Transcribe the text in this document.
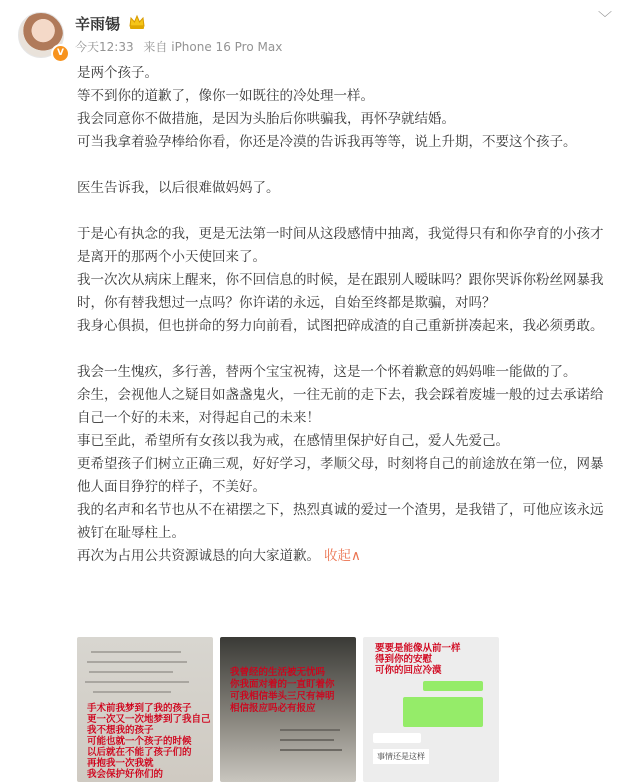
V
辛雨锡
今天12:33 来自 iPhone 16 Pro Max
﹀

是两个孩子。

等不到你的道歉了，像你一如既往的冷处理一样。

我会同意你不做措施，是因为头胎后你哄骗我，再怀孕就结婚。

可当我拿着验孕棒给你看，你还是冷漠的告诉我再等等，说上升期，不要这个孩子。

医生告诉我，以后很难做妈妈了。

于是心有执念的我，更是无法第一时间从这段感情中抽离，我觉得只有和你孕育的小孩才是离开的那两个小天使回来了。

我一次次从病床上醒来，你不回信息的时候，是在跟别人暧昧吗？跟你哭诉你粉丝网暴我时，你有替我想过一点吗？你许诺的永远，自始至终都是欺骗，对吗？

我身心俱损，但也拼命的努力向前看，试图把碎成渣的自己重新拼凑起来，我必须勇敢。

我会一生愧疚，多行善，替两个宝宝祝祷，这是一个怀着歉意的妈妈唯一能做的了。

余生，会视他人之疑目如盏盏鬼火，一往无前的走下去，我会踩着废墟一般的过去承诺给自己一个好的未来，对得起自己的未来！

事已至此，希望所有女孩以我为戒，在感情里保护好自己，爱人先爱己。

更希望孩子们树立正确三观，好好学习，孝顺父母，时刻将自己的前途放在第一位，网暴他人面目狰狞的样子，不美好。

我的名声和名节也从不在裙摆之下，热烈真诚的爱过一个渣男，是我错了，可他应该永远被钉在耻辱柱上。

再次为占用公共资源诚恳的向大家道歉。 收起∧

手术前我梦到了我的孩子
更一次又一次地梦到了我自己
我不想我的孩子
可能也就一个孩子的时候
以后就在不能了孩子们的
再抱我一次我就
我会保护好你们的
我曾经的生活被无忧吗
你我面对着的一直盯着你
可我相信举头三尺有神明
相信报应吗必有报应
要要是能像从前一样
得到你的安慰
可你的回应冷漠
事情还是这样
